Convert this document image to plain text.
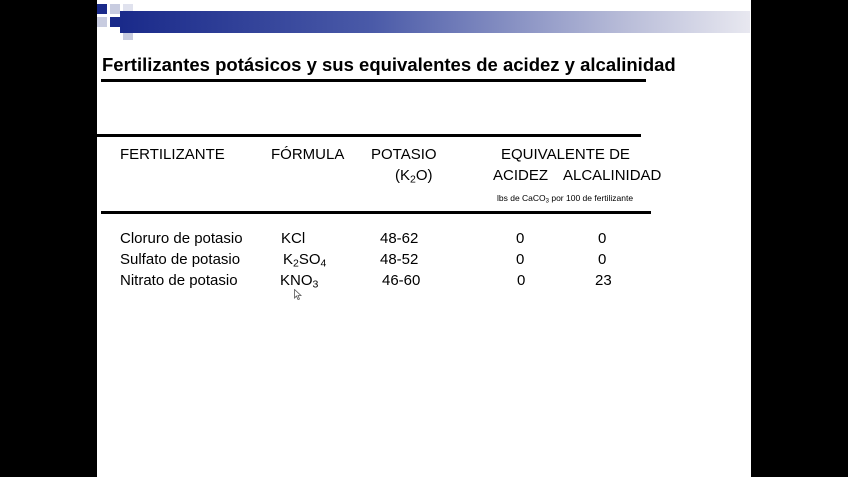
Fertilizantes potásicos y sus equivalentes de acidez y alcalinidad
FERTILIZANTE	FÓRMULA POTASIO
$(K_2O)$
EQUIVALENTE DE
ACIDEZ ALCALINIDAD
lbs de CaCO$_3$ por 100 de fertilizante
Cloruro de potasio	KCl	48-62	0	0
Sulfato de potasio	$K_2SO_4$	48-52	0	0
Nitrato de potasio	$KNO_3$	46-60	0	23
